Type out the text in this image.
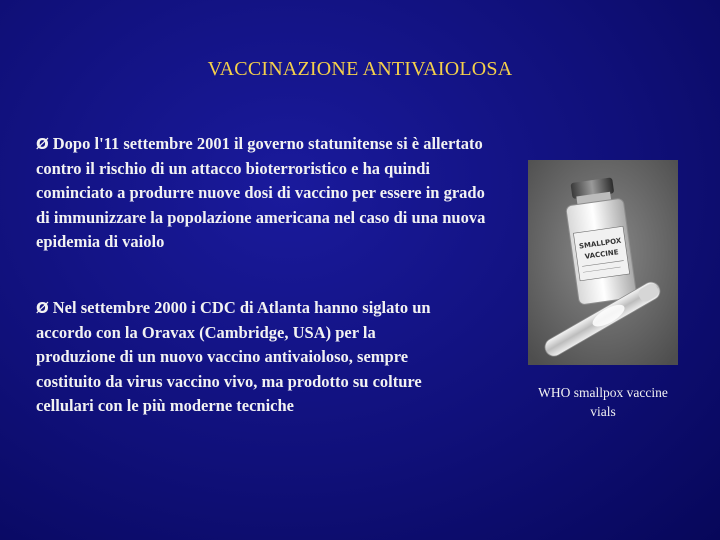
VACCINAZIONE ANTIVAIOLOSA
Ø Dopo l'11 settembre 2001 il governo statunitense si è allertato contro il rischio di un attacco bioterroristico e ha quindi cominciato a produrre nuove dosi di vaccino per essere in grado di immunizzare la popolazione americana nel caso di una nuova epidemia di vaiolo
Ø Nel settembre 2000 i CDC di Atlanta hanno siglato un accordo con la Oravax (Cambridge, USA) per la produzione di un nuovo vaccino antivaioloso, sempre costituito da virus vaccino vivo, ma prodotto su colture cellulari con le più moderne tecniche
SMALLPOX
VACCINE
WHO smallpox vaccine vials
